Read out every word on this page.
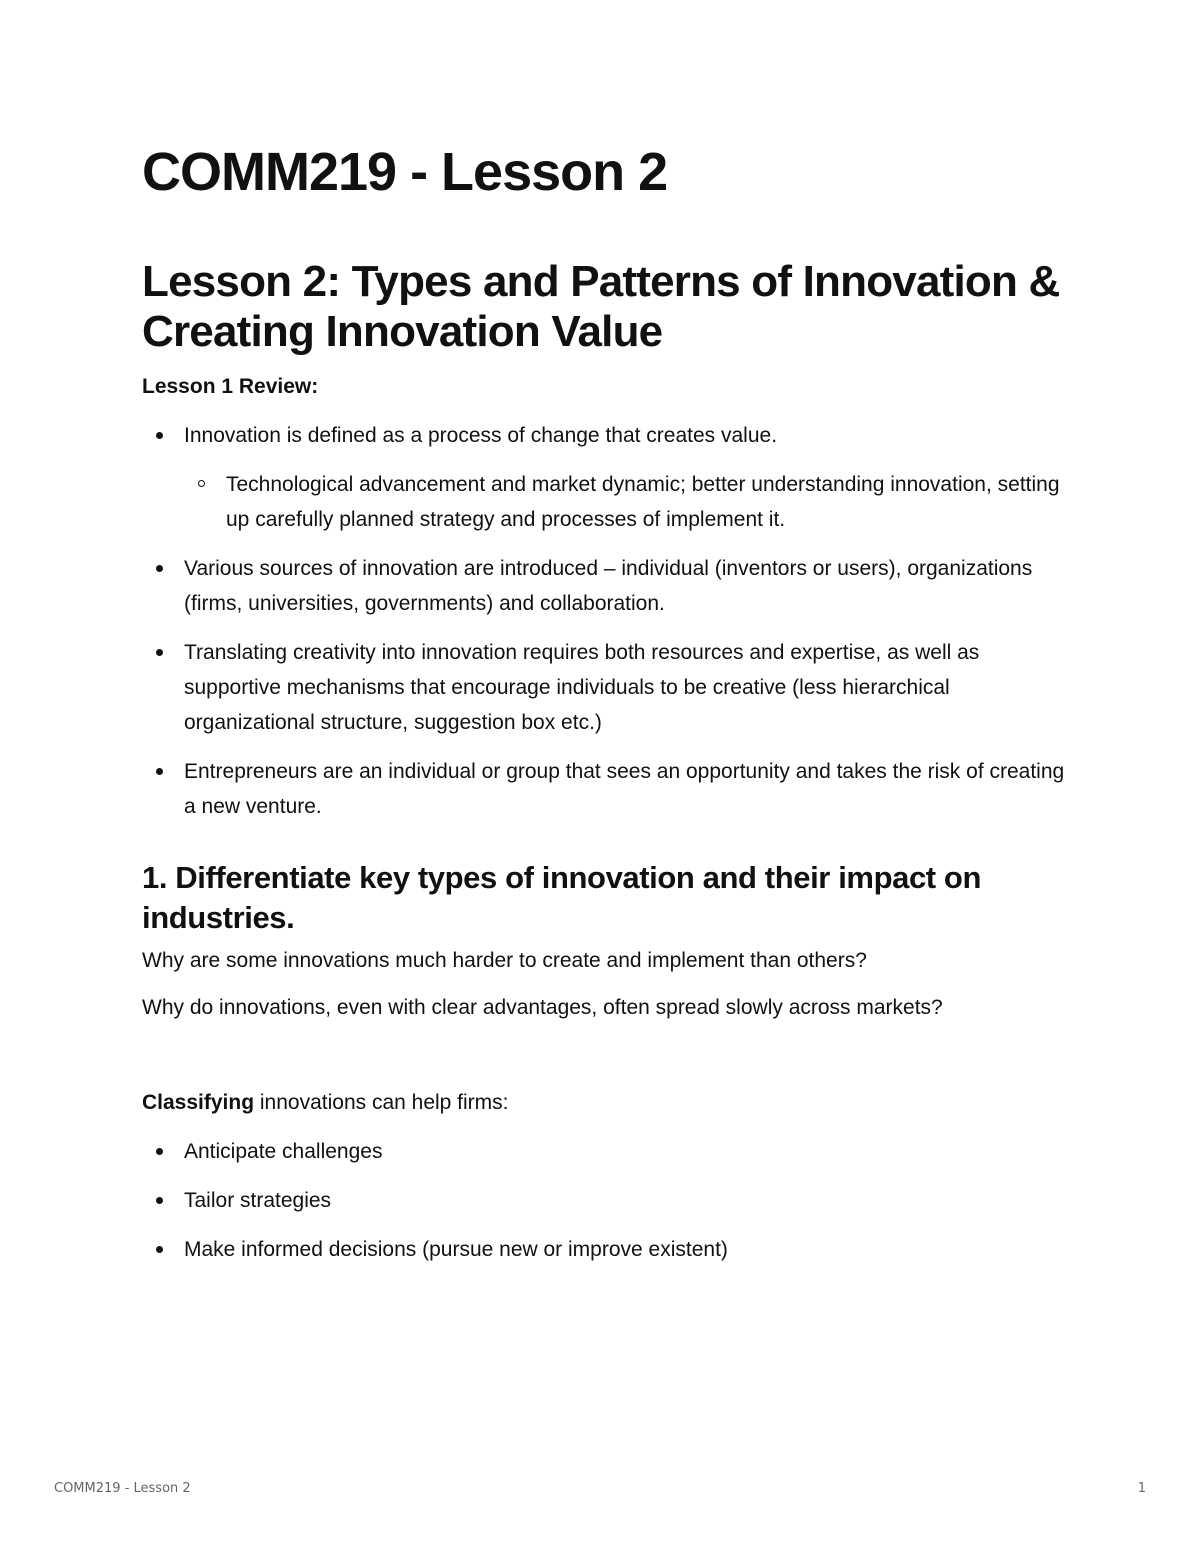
COMM219 - Lesson 2
Lesson 2: Types and Patterns of Innovation & Creating Innovation Value

Lesson 1 Review:

Innovation is defined as a process of change that creates value.
Technological advancement and market dynamic; better understanding innovation, setting up carefully planned strategy and processes of implement it.
Various sources of innovation are introduced – individual (inventors or users), organizations (firms, universities, governments) and collaboration.
Translating creativity into innovation requires both resources and expertise, as well as supportive mechanisms that encourage individuals to be creative (less hierarchical organizational structure, suggestion box etc.)
Entrepreneurs are an individual or group that sees an opportunity and takes the risk of creating a new venture.
1. Differentiate key types of innovation and their impact on industries.

Why are some innovations much harder to create and implement than others?

Why do innovations, even with clear advantages, often spread slowly across markets?

Classifying innovations can help firms:

Anticipate challenges
Tailor strategies
Make informed decisions (pursue new or improve existent)
COMM219 - Lesson 2	1
